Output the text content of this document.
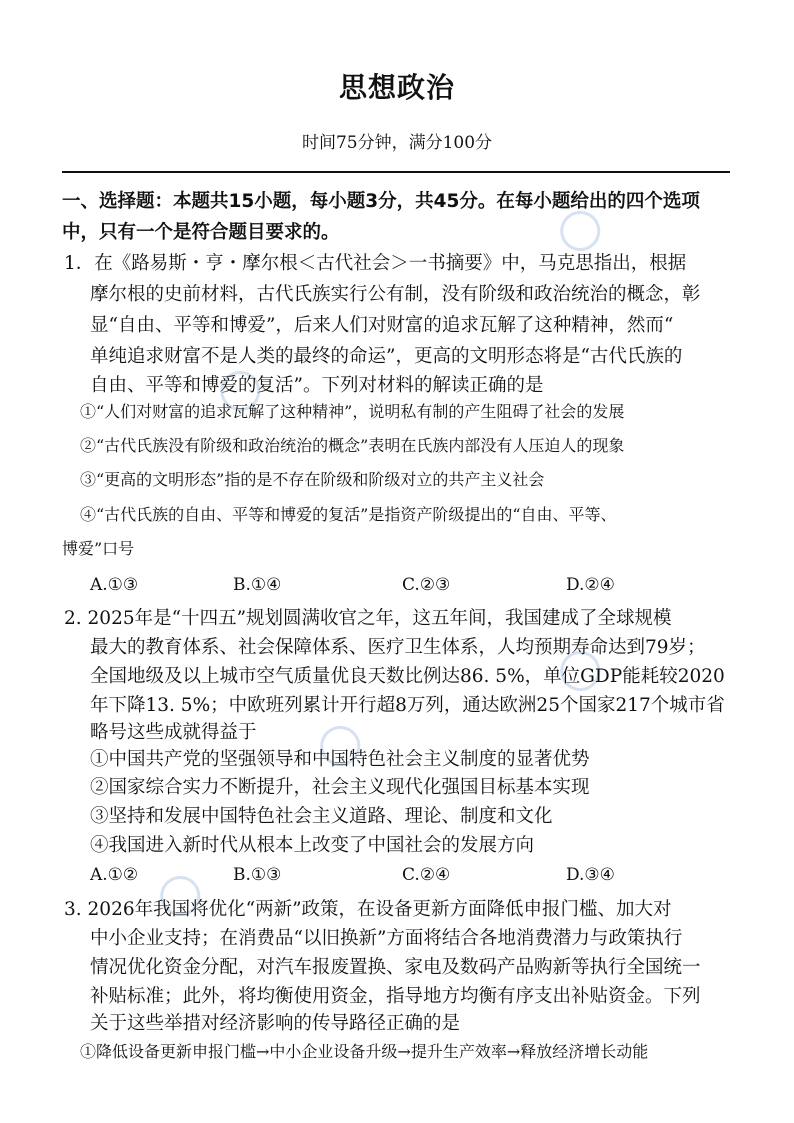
思想政治
时间75分钟，满分100分
一、选择题：本题共15小题，每小题3分，共45分。在每小题给出的四个选项
中，只有一个是符合题目要求的。
1．在《路易斯・亨・摩尔根＜古代社会＞一书摘要》中，马克思指出，根据
摩尔根的史前材料，古代氏族实行公有制，没有阶级和政治统治的概念，彰
显“自由、平等和博爱”，后来人们对财富的追求瓦解了这种精神，然而“
单纯追求财富不是人类的最终的命运”，更高的文明形态将是“古代氏族的
自由、平等和博爱的复活”。下列对材料的解读正确的是
①“人们对财富的追求瓦解了这种精神”，说明私有制的产生阻碍了社会的发展
②“古代氏族没有阶级和政治统治的概念”表明在氏族内部没有人压迫人的现象
③“更高的文明形态”指的是不存在阶级和阶级对立的共产主义社会
④“古代氏族的自由、平等和博爱的复活”是指资产阶级提出的“自由、平等、
博爱”口号
A.①③	B.①④	C.②③	D.②④
2. 2025年是“十四五”规划圆满收官之年，这五年间，我国建成了全球规模
最大的教育体系、社会保障体系、医疗卫生体系，人均预期寿命达到79岁；
全国地级及以上城市空气质量优良天数比例达86. 5%，单位GDP能耗较2020
年下降13. 5%；中欧班列累计开行超8万列，通达欧洲25个国家217个城市省
略号这些成就得益于
①中国共产党的坚强领导和中国特色社会主义制度的显著优势
②国家综合实力不断提升，社会主义现代化强国目标基本实现
③坚持和发展中国特色社会主义道路、理论、制度和文化
④我国进入新时代从根本上改变了中国社会的发展方向
A.①②	B.①③	C.②④	D.③④
3. 2026年我国将优化“两新”政策，在设备更新方面降低申报门槛、加大对
中小企业支持；在消费品“以旧换新”方面将结合各地消费潜力与政策执行
情况优化资金分配，对汽车报废置换、家电及数码产品购新等执行全国统一
补贴标准；此外，将均衡使用资金，指导地方均衡有序支出补贴资金。下列
关于这些举措对经济影响的传导路径正确的是
①降低设备更新申报门槛→中小企业设备升级→提升生产效率→释放经济增长动能
